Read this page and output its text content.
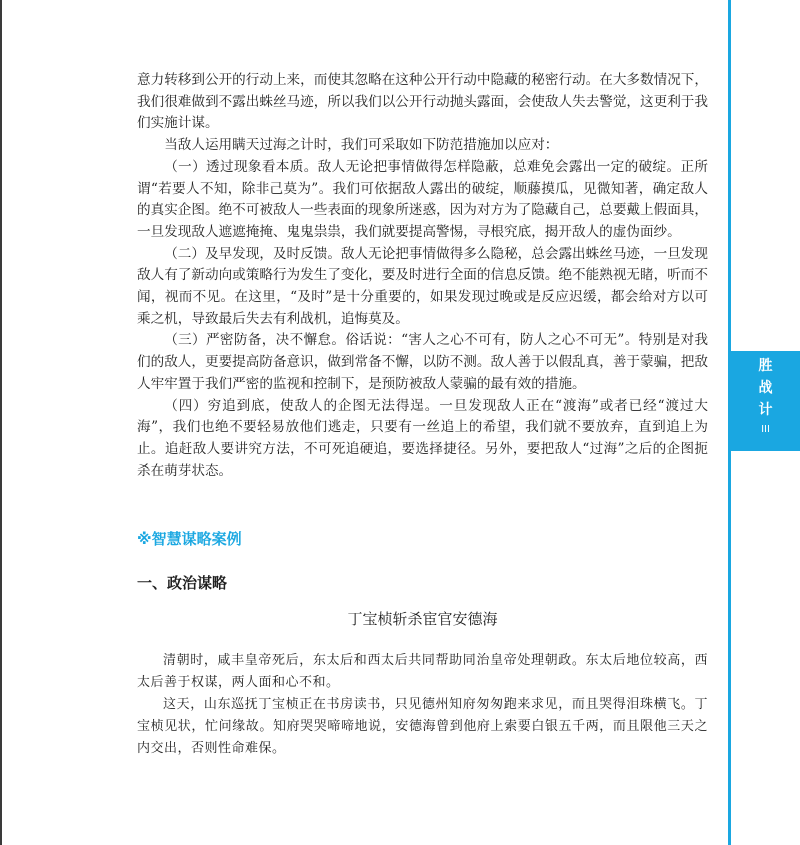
胜
战
计
III

意力转移到公开的行动上来，而使其忽略在这种公开行动中隐藏的秘密行动。在大多数情况下，我们很难做到不露出蛛丝马迹，所以我们以公开行动抛头露面，会使敌人失去警觉，这更利于我们实施计谋。

当敌人运用瞒天过海之计时，我们可采取如下防范措施加以应对：

（一）透过现象看本质。敌人无论把事情做得怎样隐蔽，总难免会露出一定的破绽。正所谓“若要人不知，除非己莫为”。我们可依据敌人露出的破绽，顺藤摸瓜，见微知著，确定敌人的真实企图。绝不可被敌人一些表面的现象所迷惑，因为对方为了隐藏自己，总要戴上假面具，一旦发现敌人遮遮掩掩、鬼鬼祟祟，我们就要提高警惕，寻根究底，揭开敌人的虚伪面纱。

（二）及早发现，及时反馈。敌人无论把事情做得多么隐秘，总会露出蛛丝马迹，一旦发现敌人有了新动向或策略行为发生了变化，要及时进行全面的信息反馈。绝不能熟视无睹，听而不闻，视而不见。在这里，“及时”是十分重要的，如果发现过晚或是反应迟缓，都会给对方以可乘之机，导致最后失去有利战机，追悔莫及。

（三）严密防备，决不懈怠。俗话说：“害人之心不可有，防人之心不可无”。特别是对我们的敌人，更要提高防备意识，做到常备不懈，以防不测。敌人善于以假乱真，善于蒙骗，把敌人牢牢置于我们严密的监视和控制下，是预防被敌人蒙骗的最有效的措施。

（四）穷追到底，使敌人的企图无法得逞。一旦发现敌人正在“渡海”或者已经“渡过大海”，我们也绝不要轻易放他们逃走，只要有一丝追上的希望，我们就不要放弃，直到追上为止。追赶敌人要讲究方法，不可死追硬追，要选择捷径。另外，要把敌人“过海”之后的企图扼杀在萌芽状态。

※智慧谋略案例
一、政治谋略
丁宝桢斩杀宦官安德海

清朝时，咸丰皇帝死后，东太后和西太后共同帮助同治皇帝处理朝政。东太后地位较高，西太后善于权谋，两人面和心不和。

这天，山东巡抚丁宝桢正在书房读书，只见德州知府匆匆跑来求见，而且哭得泪珠横飞。丁宝桢见状，忙问缘故。知府哭哭啼啼地说，安德海曾到他府上索要白银五千两，而且限他三天之内交出，否则性命难保。
